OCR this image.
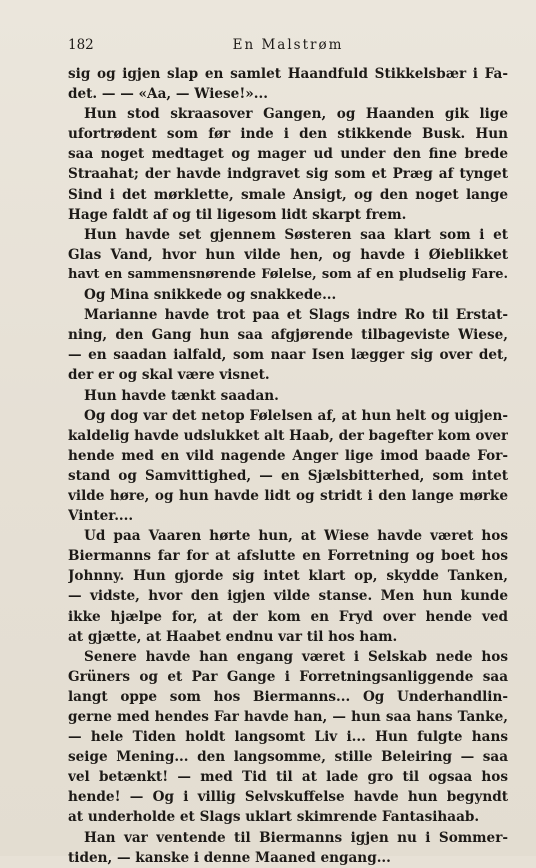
182	En Malstrøm
sig og igjen slap en samlet Haandfuld Stikkelsbær i Fa-
det. — — «Aa, — Wiese!»...
Hun stod skraasover Gangen, og Haanden gik lige
ufortrødent som før inde i den stikkende Busk. Hun
saa noget medtaget og mager ud under den fine brede
Straahat; der havde indgravet sig som et Præg af tynget
Sind i det mørklette, smale Ansigt, og den noget lange
Hage faldt af og til ligesom lidt skarpt frem.
Hun havde set gjennem Søsteren saa klart som i et
Glas Vand, hvor hun vilde hen, og havde i Øieblikket
havt en sammensnørende Følelse, som af en pludselig Fare.
Og Mina snikkede og snakkede...
Marianne havde trot paa et Slags indre Ro til Erstat-
ning, den Gang hun saa afgjørende tilbageviste Wiese,
— en saadan ialfald, som naar Isen lægger sig over det,
der er og skal være visnet.
Hun havde tænkt saadan.
Og dog var det netop Følelsen af, at hun helt og uigjen-
kaldelig havde udslukket alt Haab, der bagefter kom over
hende med en vild nagende Anger lige imod baade For-
stand og Samvittighed, — en Sjælsbitterhed, som intet
vilde høre, og hun havde lidt og stridt i den lange mørke
Vinter....
Ud paa Vaaren hørte hun, at Wiese havde været hos
Biermanns far for at afslutte en Forretning og boet hos
Johnny. Hun gjorde sig intet klart op, skydde Tanken,
— vidste, hvor den igjen vilde stanse. Men hun kunde
ikke hjælpe for, at der kom en Fryd over hende ved
at gjætte, at Haabet endnu var til hos ham.
Senere havde han engang været i Selskab nede hos
Grüners og et Par Gange i Forretningsanliggende saa
langt oppe som hos Biermanns... Og Underhandlin-
gerne med hendes Far havde han, — hun saa hans Tanke,
— hele Tiden holdt langsomt Liv i... Hun fulgte hans
seige Mening... den langsomme, stille Beleiring — saa
vel betænkt! — med Tid til at lade gro til ogsaa hos
hende! — Og i villig Selvskuffelse havde hun begyndt
at underholde et Slags uklart skimrende Fantasihaab.
Han var ventende til Biermanns igjen nu i Sommer-
tiden, — kanske i denne Maaned engang...
